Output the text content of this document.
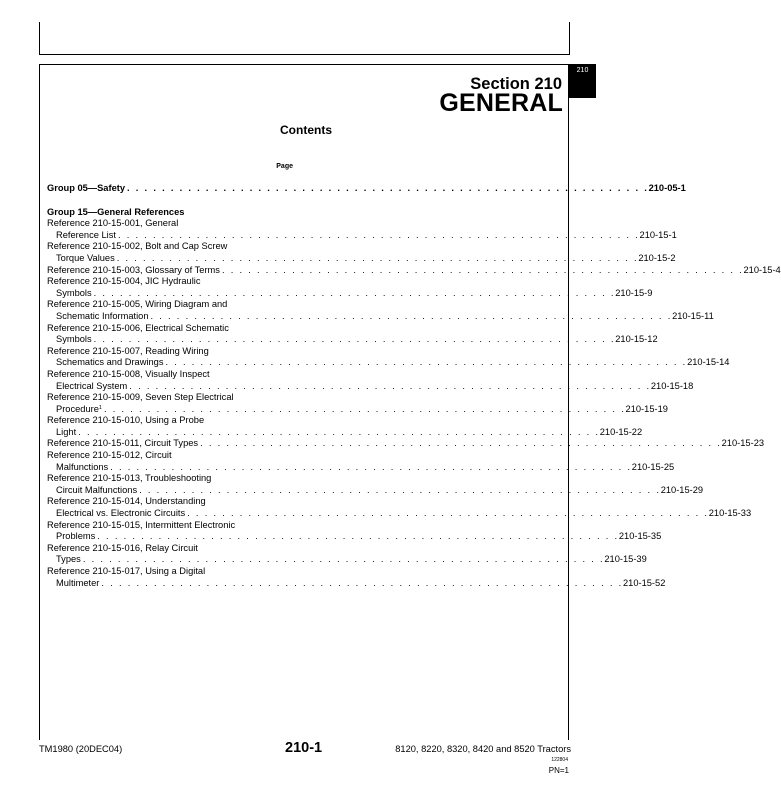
210
Section 210
GENERAL
Contents
Page
Group 05—Safety . . . . . . . . . . . . . . . . . . . . . . . . . . . . . . . . . . . . . . . . . . . . . . . . . . . . . . . . . . . . 210-05-1
Group 15—General References
Reference 210-15-001, General
Reference List . . . . . . . . . . . . . . . . . . . . . . . . . . . . . . . . . . . . . . . . . . . . . . . . . . . . . . . . . . . . 210-15-1
Reference 210-15-002, Bolt and Cap Screw
Torque Values . . . . . . . . . . . . . . . . . . . . . . . . . . . . . . . . . . . . . . . . . . . . . . . . . . . . . . . . . . . . 210-15-2
Reference 210-15-003, Glossary of Terms . . . . . . . . . . . . . . . . . . . . . . . . . . . . . . . . . . . . . . . . . . . . . . . . . . . . . . . . . . . . 210-15-4
Reference 210-15-004, JIC Hydraulic
Symbols . . . . . . . . . . . . . . . . . . . . . . . . . . . . . . . . . . . . . . . . . . . . . . . . . . . . . . . . . . . . 210-15-9
Reference 210-15-005, Wiring Diagram and
Schematic Information . . . . . . . . . . . . . . . . . . . . . . . . . . . . . . . . . . . . . . . . . . . . . . . . . . . . . . . . . . . . 210-15-11
Reference 210-15-006, Electrical Schematic
Symbols . . . . . . . . . . . . . . . . . . . . . . . . . . . . . . . . . . . . . . . . . . . . . . . . . . . . . . . . . . . . 210-15-12
Reference 210-15-007, Reading Wiring
Schematics and Drawings . . . . . . . . . . . . . . . . . . . . . . . . . . . . . . . . . . . . . . . . . . . . . . . . . . . . . . . . . . . . 210-15-14
Reference 210-15-008, Visually Inspect
Electrical System . . . . . . . . . . . . . . . . . . . . . . . . . . . . . . . . . . . . . . . . . . . . . . . . . . . . . . . . . . . . 210-15-18
Reference 210-15-009, Seven Step Electrical
Procedure$^1$ . . . . . . . . . . . . . . . . . . . . . . . . . . . . . . . . . . . . . . . . . . . . . . . . . . . . . . . . . . . . 210-15-19
Reference 210-15-010, Using a Probe
Light . . . . . . . . . . . . . . . . . . . . . . . . . . . . . . . . . . . . . . . . . . . . . . . . . . . . . . . . . . . . 210-15-22
Reference 210-15-011, Circuit Types . . . . . . . . . . . . . . . . . . . . . . . . . . . . . . . . . . . . . . . . . . . . . . . . . . . . . . . . . . . . 210-15-23
Reference 210-15-012, Circuit
Malfunctions . . . . . . . . . . . . . . . . . . . . . . . . . . . . . . . . . . . . . . . . . . . . . . . . . . . . . . . . . . . . 210-15-25
Reference 210-15-013, Troubleshooting
Circuit Malfunctions . . . . . . . . . . . . . . . . . . . . . . . . . . . . . . . . . . . . . . . . . . . . . . . . . . . . . . . . . . . . 210-15-29
Reference 210-15-014, Understanding
Electrical vs. Electronic Circuits . . . . . . . . . . . . . . . . . . . . . . . . . . . . . . . . . . . . . . . . . . . . . . . . . . . . . . . . . . . . 210-15-33
Reference 210-15-015, Intermittent Electronic
Problems . . . . . . . . . . . . . . . . . . . . . . . . . . . . . . . . . . . . . . . . . . . . . . . . . . . . . . . . . . . . 210-15-35
Reference 210-15-016, Relay Circuit
Types . . . . . . . . . . . . . . . . . . . . . . . . . . . . . . . . . . . . . . . . . . . . . . . . . . . . . . . . . . . . 210-15-39
Reference 210-15-017, Using a Digital
Multimeter . . . . . . . . . . . . . . . . . . . . . . . . . . . . . . . . . . . . . . . . . . . . . . . . . . . . . . . . . . . . 210-15-52
TM1980 (20DEC04)	210-1	8120, 8220, 8320, 8420 and 8520 Tractors
122804
PN=1
